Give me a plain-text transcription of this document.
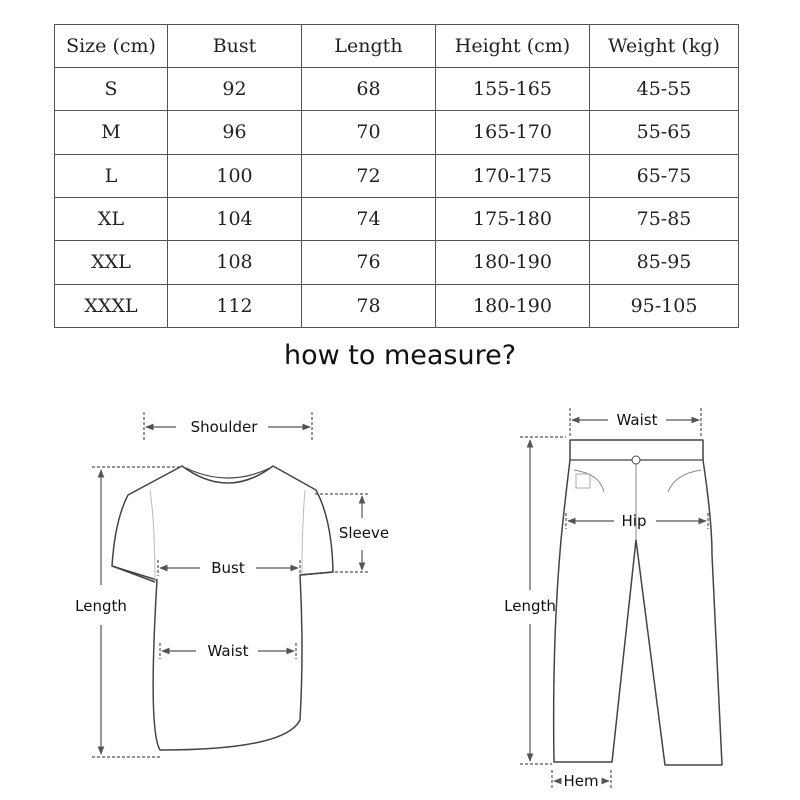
Size (cm)	Bust	Length	Height (cm)	Weight (kg)
S	92	68	155-165	45-55
M	96	70	165-170	55-65
L	100	72	170-175	65-75
XL	104	74	175-180	75-85
XXL	108	76	180-190	85-95
XXXL	112	78	180-190	95-105
how to measure?
Shoulder
Sleeve
Bust
Waist
Length
Waist
Hip
Length
Hem
